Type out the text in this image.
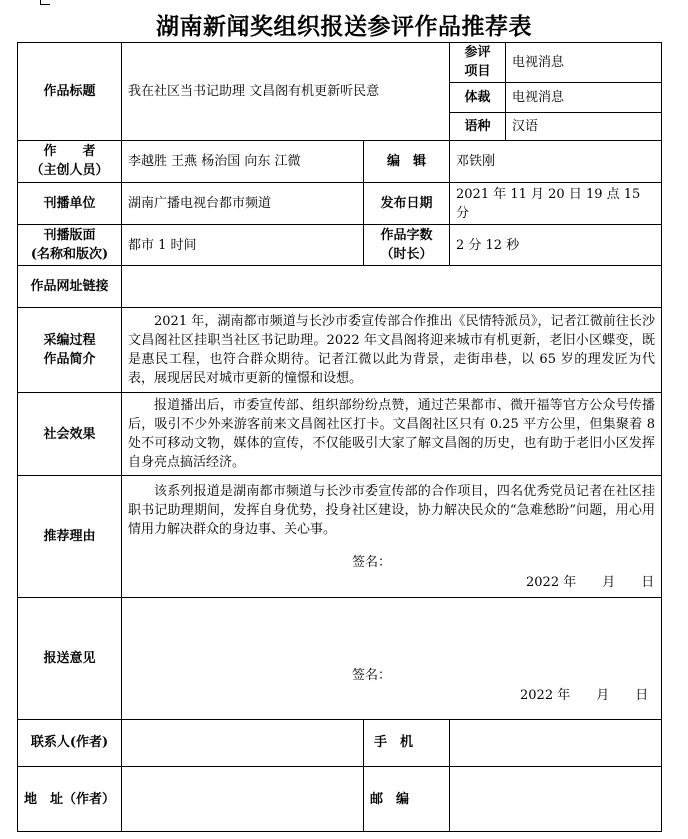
湖南新闻奖组织报送参评作品推荐表
作品标题	我在社区当书记助理 文昌阁有机更新听民意		参评
项目	电视消息
			体裁	电视消息
			语种	汉语

作　　者
（主创人员）	李越胜 王燕 杨治国 向东 江微	编　辑	邓铁刚	
刊播单位	湖南广播电视台都市频道	发布日期	2021 年 11 月 20 日 19 点 15 分	

刊播版面
(名称和版次)	都市 1 时间	作品字数
（时长）	2 分 12 秒	
作品网址链接				

采编过程
作品简介	2021 年，湖南都市频道与长沙市委宣传部合作推出《民情特派员》，记者江微前往长沙文昌阁社区挂职当社区书记助理。2022 年文昌阁将迎来城市有机更新，老旧小区蝶变，既是惠民工程，也符合群众期待。记者江微以此为背景，走街串巷，以 65 岁的理发匠为代表，展现居民对城市更新的憧憬和设想。			

社会效果	报道播出后，市委宣传部、组织部纷纷点赞，通过芒果都市、微开福等官方公众号传播后，吸引不少外来游客前来文昌阁社区打卡。文昌阁社区只有 0.25 平方公里，但集聚着 8 处不可移动文物，媒体的宣传，不仅能吸引大家了解文昌阁的历史，也有助于老旧小区发挥自身亮点搞活经济。			

推荐理由	该系列报道是湖南都市频道与长沙市委宣传部的合作项目，四名优秀党员记者在社区挂职书记助理期间，发挥自身优势，投身社区建设，协力解决民众的“急难愁盼”问题，用心用情用力解决群众的身边事、关心事。

签名：
2022 年　　月　　日			

报送意见	签名：
2022 年　　月　　日			

联系人(作者)		手　机		
地　址（作者）		邮　编		
